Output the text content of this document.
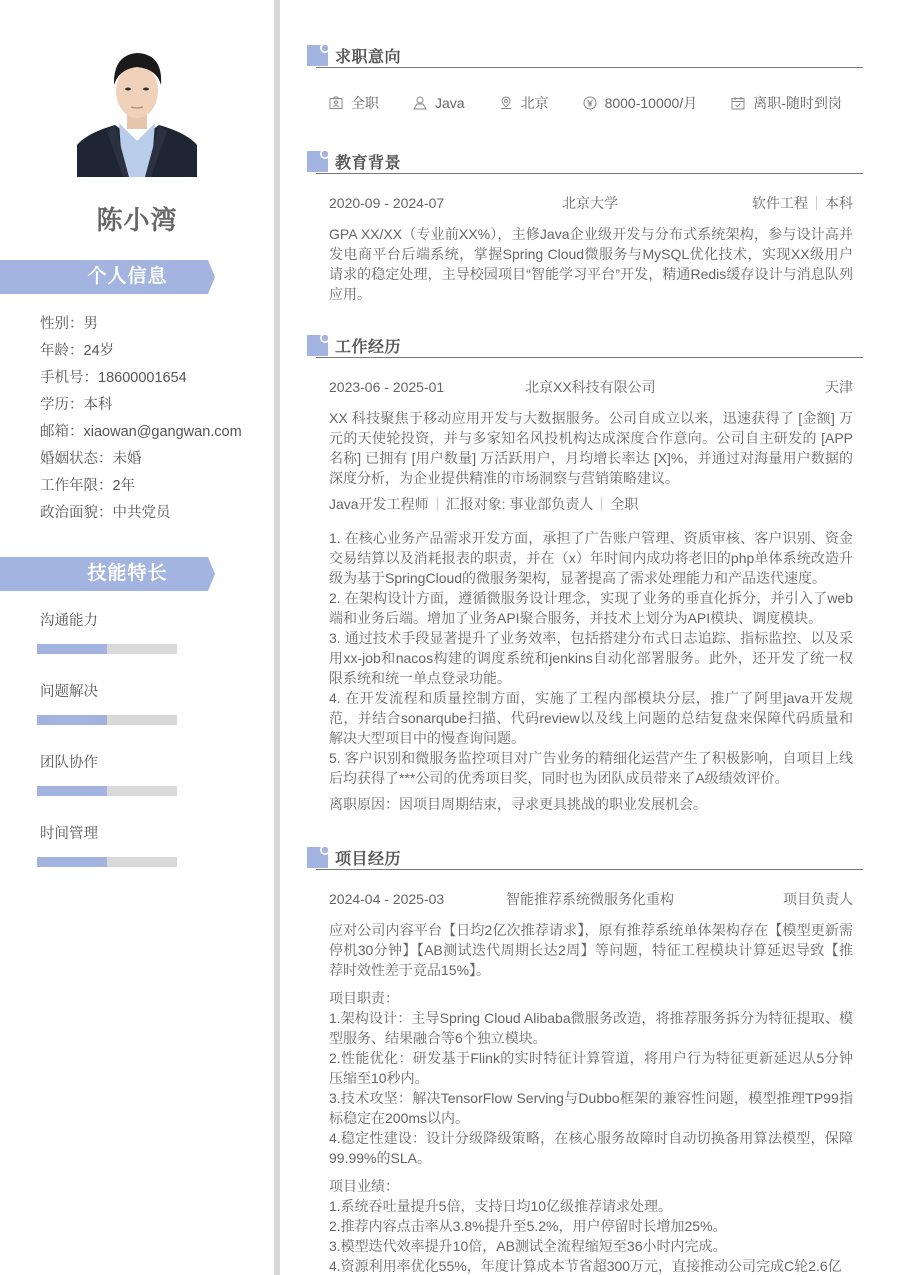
陈小湾
个人信息
性别：男
年龄：24岁
手机号：18600001654
学历：本科
邮箱：xiaowan@gangwan.com
婚姻状态：未婚
工作年限：2年
政治面貌：中共党员
技能特长
沟通能力
问题解决
团队协作
时间管理
求职意向
全职	Java	北京	8000-10000/月	离职-随时到岗
教育背景
2020-09 - 2024-07	北京大学	软件工程 本科
GPA XX/XX（专业前XX%），主修Java企业级开发与分布式系统架构，参与设计高并发电商平台后端系统，掌握Spring Cloud微服务与MySQL优化技术，实现XX级用户请求的稳定处理，主导校园项目“智能学习平台”开发，精通Redis缓存设计与消息队列应用。
工作经历
2023-06 - 2025-01	北京XX科技有限公司	天津
XX 科技聚焦于移动应用开发与大数据服务。公司自成立以来，迅速获得了 [金额] 万元的天使轮投资，并与多家知名风投机构达成深度合作意向。公司自主研发的 [APP 名称] 已拥有 [用户数量] 万活跃用户，月均增长率达 [X]%，并通过对海量用户数据的深度分析，为企业提供精准的市场洞察与营销策略建议。
Java开发工程师 汇报对象: 事业部负责人 全职

1. 在核心业务产品需求开发方面，承担了广告账户管理、资质审核、客户识别、资金交易结算以及消耗报表的职责，并在（x）年时间内成功将老旧的php单体系统改造升级为基于SpringCloud的微服务架构，显著提高了需求处理能力和产品迭代速度。

2. 在架构设计方面，遵循微服务设计理念，实现了业务的垂直化拆分，并引入了web端和业务后端。增加了业务API聚合服务，并技术上划分为API模块、调度模块。

3. 通过技术手段显著提升了业务效率，包括搭建分布式日志追踪、指标监控、以及采用xx-job和nacos构建的调度系统和jenkins自动化部署服务。此外，还开发了统一权限系统和统一单点登录功能。

4. 在开发流程和质量控制方面，实施了工程内部模块分层，推广了阿里java开发规范，并结合sonarqube扫描、代码review以及线上问题的总结复盘来保障代码质量和解决大型项目中的慢查询问题。

5. 客户识别和微服务监控项目对广告业务的精细化运营产生了积极影响，自项目上线后均获得了***公司的优秀项目奖，同时也为团队成员带来了A级绩效评价。

离职原因：因项目周期结束，寻求更具挑战的职业发展机会。
项目经历
2024-04 - 2025-03	智能推荐系统微服务化重构	项目负责人
应对公司内容平台【日均2亿次推荐请求】，原有推荐系统单体架构存在【模型更新需停机30分钟】【AB测试迭代周期长达2周】等问题，特征工程模块计算延迟导致【推荐时效性差于竞品15%】。

项目职责：

1.架构设计：主导Spring Cloud Alibaba微服务改造，将推荐服务拆分为特征提取、模型服务、结果融合等6个独立模块。

2.性能优化：研发基于Flink的实时特征计算管道，将用户行为特征更新延迟从5分钟压缩至10秒内。

3.技术攻坚：解决TensorFlow Serving与Dubbo框架的兼容性问题，模型推理TP99指标稳定在200ms以内。

4.稳定性建设：设计分级降级策略，在核心服务故障时自动切换备用算法模型，保障99.99%的SLA。

项目业绩：

1.系统吞吐量提升5倍，支持日均10亿级推荐请求处理。

2.推荐内容点击率从3.8%提升至5.2%，用户停留时长增加25%。

3.模型迭代效率提升10倍，AB测试全流程缩短至36小时内完成。

4.资源利用率优化55%，年度计算成本节省超300万元，直接推动公司完成C轮2.6亿
